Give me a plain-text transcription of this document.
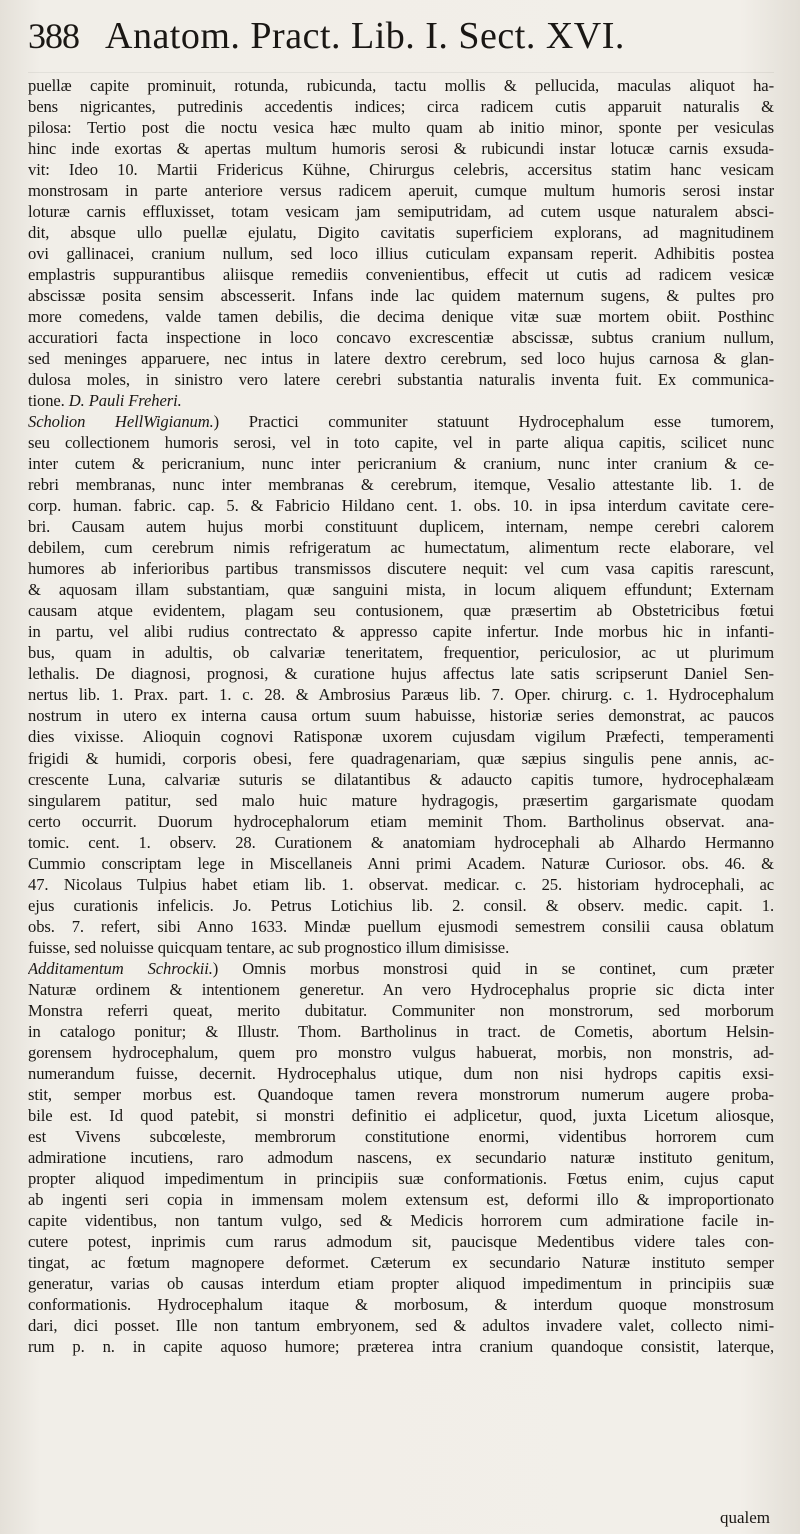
388 Anatom. Pract. Lib. I. Sect. XVI.
puellæ capite prominuit, rotunda, rubicunda, tactu mollis & pellucida, maculas aliquot ha-
bens nigricantes, putredinis accedentis indices; circa radicem cutis apparuit naturalis &
pilosa: Tertio post die noctu vesica hæc multo quam ab initio minor, sponte per vesiculas
hinc inde exortas & apertas multum humoris serosi & rubicundi instar lotucæ carnis exsuda-
vit: Ideo 10. Martii Fridericus Kühne, Chirurgus celebris, accersitus statim hanc vesicam
monstrosam in parte anteriore versus radicem aperuit, cumque multum humoris serosi instar
loturæ carnis effluxisset, totam vesicam jam semiputridam, ad cutem usque naturalem absci-
dit, absque ullo puellæ ejulatu, Digito cavitatis superficiem explorans, ad magnitudinem
ovi gallinacei, cranium nullum, sed loco illius cuticulam expansam reperit. Adhibitis postea
emplastris suppurantibus aliisque remediis convenientibus, effecit ut cutis ad radicem vesicæ
abscissæ posita sensim abscesserit. Infans inde lac quidem maternum sugens, & pultes pro
more comedens, valde tamen debilis, die decima denique vitæ suæ mortem obiit. Posthinc
accuratiori facta inspectione in loco concavo excrescentiæ abscissæ, subtus cranium nullum,
sed meninges apparuere, nec intus in latere dextro cerebrum, sed loco hujus carnosa & glan-
dulosa moles, in sinistro vero latere cerebri substantia naturalis inventa fuit. Ex communica-
tione. D. Pauli Freheri.
Scholion HellWigianum.) Practici communiter statuunt Hydrocephalum esse tumorem,
seu collectionem humoris serosi, vel in toto capite, vel in parte aliqua capitis, scilicet nunc
inter cutem & pericranium, nunc inter pericranium & cranium, nunc inter cranium & ce-
rebri membranas, nunc inter membranas & cerebrum, itemque, Vesalio attestante lib. 1. de
corp. human. fabric. cap. 5. & Fabricio Hildano cent. 1. obs. 10. in ipsa interdum cavitate cere-
bri. Causam autem hujus morbi constituunt duplicem, internam, nempe cerebri calorem
debilem, cum cerebrum nimis refrigeratum ac humectatum, alimentum recte elaborare, vel
humores ab inferioribus partibus transmissos discutere nequit: vel cum vasa capitis rarescunt,
& aquosam illam substantiam, quæ sanguini mista, in locum aliquem effundunt; Externam
causam atque evidentem, plagam seu contusionem, quæ præsertim ab Obstetricibus fœtui
in partu, vel alibi rudius contrectato & appresso capite infertur. Inde morbus hic in infanti-
bus, quam in adultis, ob calvariæ teneritatem, frequentior, periculosior, ac ut plurimum
lethalis. De diagnosi, prognosi, & curatione hujus affectus late satis scripserunt Daniel Sen-
nertus lib. 1. Prax. part. 1. c. 28. & Ambrosius Paræus lib. 7. Oper. chirurg. c. 1. Hydrocephalum
nostrum in utero ex interna causa ortum suum habuisse, historiæ series demonstrat, ac paucos
dies vixisse. Alioquin cognovi Ratisponæ uxorem cujusdam vigilum Præfecti, temperamenti
frigidi & humidi, corporis obesi, fere quadragenariam, quæ sæpius singulis pene annis, ac-
crescente Luna, calvariæ suturis se dilatantibus & adaucto capitis tumore, hydrocephalæam
singularem patitur, sed malo huic mature hydragogis, præsertim gargarismate quodam
certo occurrit. Duorum hydrocephalorum etiam meminit Thom. Bartholinus observat. ana-
tomic. cent. 1. observ. 28. Curationem & anatomiam hydrocephali ab Alhardo Hermanno
Cummio conscriptam lege in Miscellaneis Anni primi Academ. Naturæ Curiosor. obs. 46. &
47. Nicolaus Tulpius habet etiam lib. 1. observat. medicar. c. 25. historiam hydrocephali, ac
ejus curationis infelicis. Jo. Petrus Lotichius lib. 2. consil. & observ. medic. capit. 1.
obs. 7. refert, sibi Anno 1633. Mindæ puellum ejusmodi semestrem consilii causa oblatum
fuisse, sed noluisse quicquam tentare, ac sub prognostico illum dimisisse.
Additamentum Schrockii.) Omnis morbus monstrosi quid in se continet, cum præter
Naturæ ordinem & intentionem generetur. An vero Hydrocephalus proprie sic dicta inter
Monstra referri queat, merito dubitatur. Communiter non monstrorum, sed morborum
in catalogo ponitur; & Illustr. Thom. Bartholinus in tract. de Cometis, abortum Helsin-
gorensem hydrocephalum, quem pro monstro vulgus habuerat, morbis, non monstris, ad-
numerandum fuisse, decernit. Hydrocephalus utique, dum non nisi hydrops capitis exsi-
stit, semper morbus est. Quandoque tamen revera monstrorum numerum augere proba-
bile est. Id quod patebit, si monstri definitio ei adplicetur, quod, juxta Licetum aliosque,
est Vivens subcœleste, membrorum constitutione enormi, videntibus horrorem cum
admiratione incutiens, raro admodum nascens, ex secundario naturæ instituto genitum,
propter aliquod impedimentum in principiis suæ conformationis. Fœtus enim, cujus caput
ab ingenti seri copia in immensam molem extensum est, deformi illo & improportionato
capite videntibus, non tantum vulgo, sed & Medicis horrorem cum admiratione facile in-
cutere potest, inprimis cum rarus admodum sit, paucisque Medentibus videre tales con-
tingat, ac fœtum magnopere deformet. Cæterum ex secundario Naturæ instituto semper
generatur, varias ob causas interdum etiam propter aliquod impedimentum in principiis suæ
conformationis. Hydrocephalum itaque & morbosum, & interdum quoque monstrosum
dari, dici posset. Ille non tantum embryonem, sed & adultos invadere valet, collecto nimi-
rum p. n. in capite aquoso humore; præterea intra cranium quandoque consistit, laterque,
qualem
